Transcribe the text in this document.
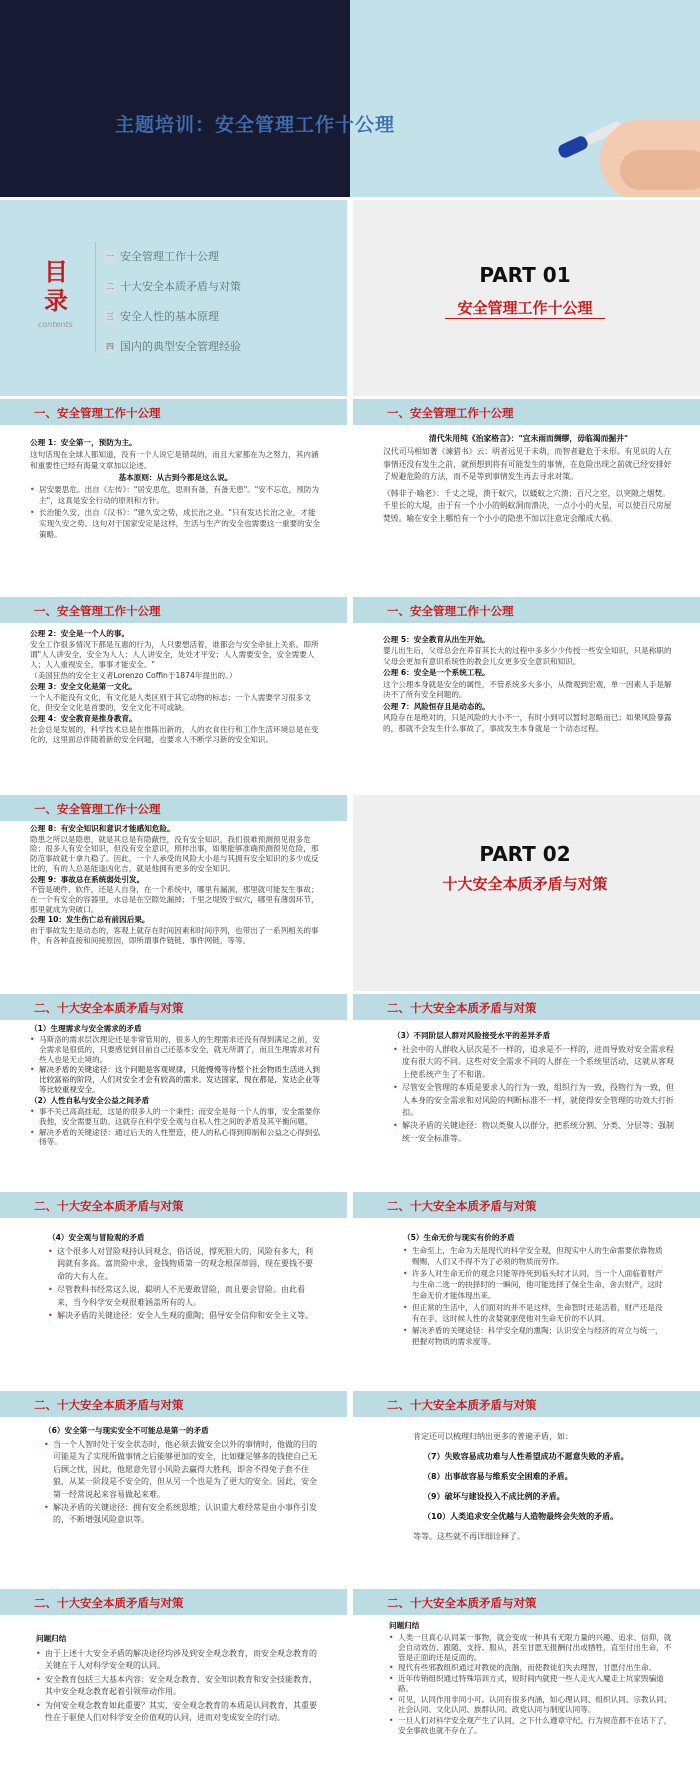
主题培训：安全管理工作十公理
目录
contents
一 安全管理工作十公理
二 十大安全本质矛盾与对策
三 安全人性的基本原理
四 国内的典型安全管理经验
PART 01
安全管理工作十公理
一、安全管理工作十公理

公理 1：安全第一，预防为主。

这句话现在全球人都知道，没有一个人说它是错误的，而且大家都在为之努力，其内涵和重要性已经有海量文章加以论述。

基本原则：从古到今都是这么说。

• 居安要思危。出自《左传》："居安思危，思则有备，有备无患"。"安不忘危，预防为主"，这真是安全行动的原则和方针。
• 长治能久安，出自《汉书》："建久安之势，成长治之业。"只有发达长治之业，才能实现久安之势。这句对于国家安定是这样，生活与生产的安全也需要这一重要的安全策略。
一、安全管理工作十公理

清代朱用纯《治家格言》："宜未雨而绸缪，毋临渴而掘井"

汉代司马相如著《谏猎书》云：明者远见于未萌，而智者避危于未形。有见识的人在事情还没有发生之前，就预想到将有可能发生的事情，在危险出现之前就已经安排好了规避危险的方法，而不是等到事情发生再去寻求对策。

《韩非子·喻老》：千丈之堤，溃于蚁穴，以蝼蚁之穴溃；百尺之室，以突隙之烟焚。千里长的大堤，由于有一个小小的蚂蚁洞而溃决，一点小小的火星，可以使百尺房屋焚毁。喻在安全上哪怕有一个小小的隐患不加以注意定会酿成大祸。

一、安全管理工作十公理

公理 2：安全是一个人的事。

安全工作很多情况下都是互惠的行为，人只要想活着，谁都会与安全牵扯上关系。即所谓"人人讲安全，安全为人人；人人讲安全，处处才平安；人人需要安全，安全需要人人；人人重视安全，事事才能安全。"

（美国狂热的安全主义者Lorenzo Coffin于1874年提出的。）

公理 3：安全文化是第一文化。

一个人不能没有文化，有文化是人类区别于其它动物的标志；一个人需要学习很多文化，但安全文化是首要的，安全文化不可或缺。

公理 4：安全教育是推身教育。

社会总是发展的，科学技术总是在推陈出新的，人的衣食住行和工作生活环境总是在变化的，这里面总伴随着新的安全问题，也要求人不断学习新的安全知识。

一、安全管理工作十公理

公理 5：安全教育从出生开始。

婴儿出生后，父母总会在养育其长大的过程中多多少少传授一些安全知识，只是称职的父母会更加有意识系统性的教会儿女更多安全意识和知识。

公理 6：安全是一个系统工程。

这个公理本身就是安全的属性，不管系统多大多小，从微观到宏观，单一因素人手是解决不了所有安全问题的。

公理 7：风险恒存且是动态的。

风险存在是绝对的，只是风险的大小不一，有时小到可以暂时忽略而已；如果风险暴露的，那就不会发生什么事故了，事故发生本身就是一个动态过程。

一、安全管理工作十公理

公理 8：有安全知识和意识才能感知危险。

隐患之所以是隐患，就是其总是有隐蔽性，没有安全知识，我们很难预测预见很多危险；很多人有安全知识，但没有安全意识，照样出事，如果能够准确预测预见危险，那防范事故就十拿九稳了。因此，一个人承受的风险大小是与其拥有安全知识的多少成反比的，有的人总是能逢凶化吉，就是他拥有更多的安全知识。

公理 9：事故总在系统弱处引发。

不管是硬件、软件，还是人自身，在一个系统中，哪里有漏洞，那里就可能发生事故；在一个有安全的容器里，水总是在空隙处漏掉；千里之堤毁于蚁穴，哪里有薄弱环节，那里就成为突破口。

公理 10：发生伤亡总有前因后果。

由于事故发生是动态的，客观上就存在时间因素和时间序列，也带出了一系列相关的事件，有各种直接和间接原因，即所谓事件链链、事件网链，等等。

PART 02
十大安全本质矛盾与对策
二、十大安全本质矛盾与对策

（1）生理需求与安全需求的矛盾

• 马斯洛的需求层次理论还是非常管用的，很多人的生理需求还没有得到满足之前，安全需求是很低的，只要感觉到目前自己还基本安全，就无所谓了，而且生理需求对有些人也是无止境的。
• 解决矛盾的关键途径：这个问题是客观规律，只能慢慢等待整个社会物质生活进入到比较富裕的阶段，人们对安全才会有较高的需求。发达国家，现在都是，发达企业等等比较重视安全。

（2）人性自私与安全公益之间矛盾

• 事不关己高高挂起，这是的很多人的一个秉性；而安全是每一个人的事，安全需要你我他，安全需要互助。这就存在科学安全观与自私人性之间的矛盾及其平衡问题。
• 解决矛盾的关键途径：通过后天的人性塑造，使人的私心得到抑制和公益之心得到弘扬等。
二、十大安全本质矛盾与对策

（3）不同阶层人群对风险接受水平的差异矛盾

• 社会中的人群收入层次是不一样的，追求是不一样的，进而导致对安全需求程度有很大的不同。这些对安全需求不同的人群在一个系统里活动，这就从客观上使系统产生了不和谐。
• 尽管安全管理的本质是要求人的行为一致，组织行为一致，役物行为一致，但人本身的安全需求和对风险的判断标准不一样，就使得安全管理的功效大打折扣。
• 解决矛盾的关键途径：物以类聚人以群分，把系统分割、分类、分层等；强制统一安全标准等。
二、十大安全本质矛盾与对策

（4）安全观与冒险观的矛盾

• 这个很多人对冒险观持认同观念，俗话说，撑死胆大的，风险有多大，利润就有多高。富贵险中求，金钱物质第一的观念根深蒂固，现在要钱不要命的大有人在。
• 尽管教科书经常这么说，聪明人不光要敢冒险，而且要会冒险。由此看来，当今科学安全观很难涵盖所有的人。
• 解决矛盾的关键途径：安全人生观的熏陶；倡导安全信仰和安全主义等。
二、十大安全本质矛盾与对策

（5）生命无价与现实有价的矛盾

• 生命至上，生命为天是现代的科学安全观，但现实中人的生命需要依靠物质赐赐，人们又不得不为了必须的物质而劳作。
• 许多人对生命无价的观念只能等待死到临头时才认同，当一个人面临着财产与生命二选一的抉择时的一瞬间，他可能选择了保全生命，舍去财产，这时生命无价才能体现出来。
• 但正常的生活中，人们面对的并不是这样，生命智时还是活着，财产还是没有在手，这时候人性的贪婪就驱使他对生命无价的不认同。
• 解决矛盾的关键途径：科学安全观的熏陶；认识安全与经济的对立与统一，把握对物质的需求度等。
二、十大安全本质矛盾与对策

（6）安全第一与现实安全不可能总是第一的矛盾

• 当一个人智时处于安全状态时，他必须去做安全以外的事情时，他做的目的可能是为了实现所做事情之后能够更加的安全，比如赚足够多的钱使自己无后顾之忧，因此，他愿意先冒小风险去赢得大胜利，即舍不得兔子套不住狼，从某一阶段是不安全的，但从另一个也是为了更大的安全。因此，安全第一经常说起来容易做起来难。
• 解决矛盾的关键途径：拥有安全系统思维；认识重大难经常是由小事件引发的，不断增强风险意识等。
二、十大安全本质矛盾与对策

肯定还可以梳理归纳出更多的普遍矛盾，如：

（7）失败容易成功难与人性希望成功不愿意失败的矛盾。

（8）出事故容易与维系安全困难的矛盾。

（9）破坏与建设投入不成比例的矛盾。

（10）人类追求安全优越与人造物最终会失效的矛盾。

等等。这些就不再详细诠释了。

二、十大安全本质矛盾与对策

问题归结

• 由于上述十大安全矛盾的解决途径均涉及到安全观念教育，而安全观念教育的关键在于人对科学安全观的认同。
• 安全教育包括三大基本内容：安全观念教育、安全知识教育和安全技能教育，其中安全观念教育起着引领带动作用。
• 为何安全观念教育如此重要？其实，安全观念教育的本质是认同教育，其重要性在于驱使人们对科学安全价值观的认同，进而对变成安全的行动。
二、十大安全本质矛盾与对策

问题归结

• 人类一旦真心认同某一事物，就会变成一种具有无限力量的兴趣、追求、信仰，就会自动效仿、跟随、支持、服从，甚至甘愿无报酬付出或牺牲，直至付出生命，不管是正面的还是反面的。
• 现代有些邪教组织通过对教徒的洗脑，而使教徒们失去理智，甘愿付出生命。
• 近年传销组织通过特殊培训方式，短时间内就使一些人走火入魔走上坑家毁骗道路。
• 可见，认同作用非同小可。认同有很多内涵，如心理认同、组织认同、宗教认同、社会认同、文化认同、族群认同、政党认同与制度认同等。
• 一旦人们对科学安全观产生了认同，之下什么遵章守纪、行为规范都不在话下了，安全事故也就不存在了。
